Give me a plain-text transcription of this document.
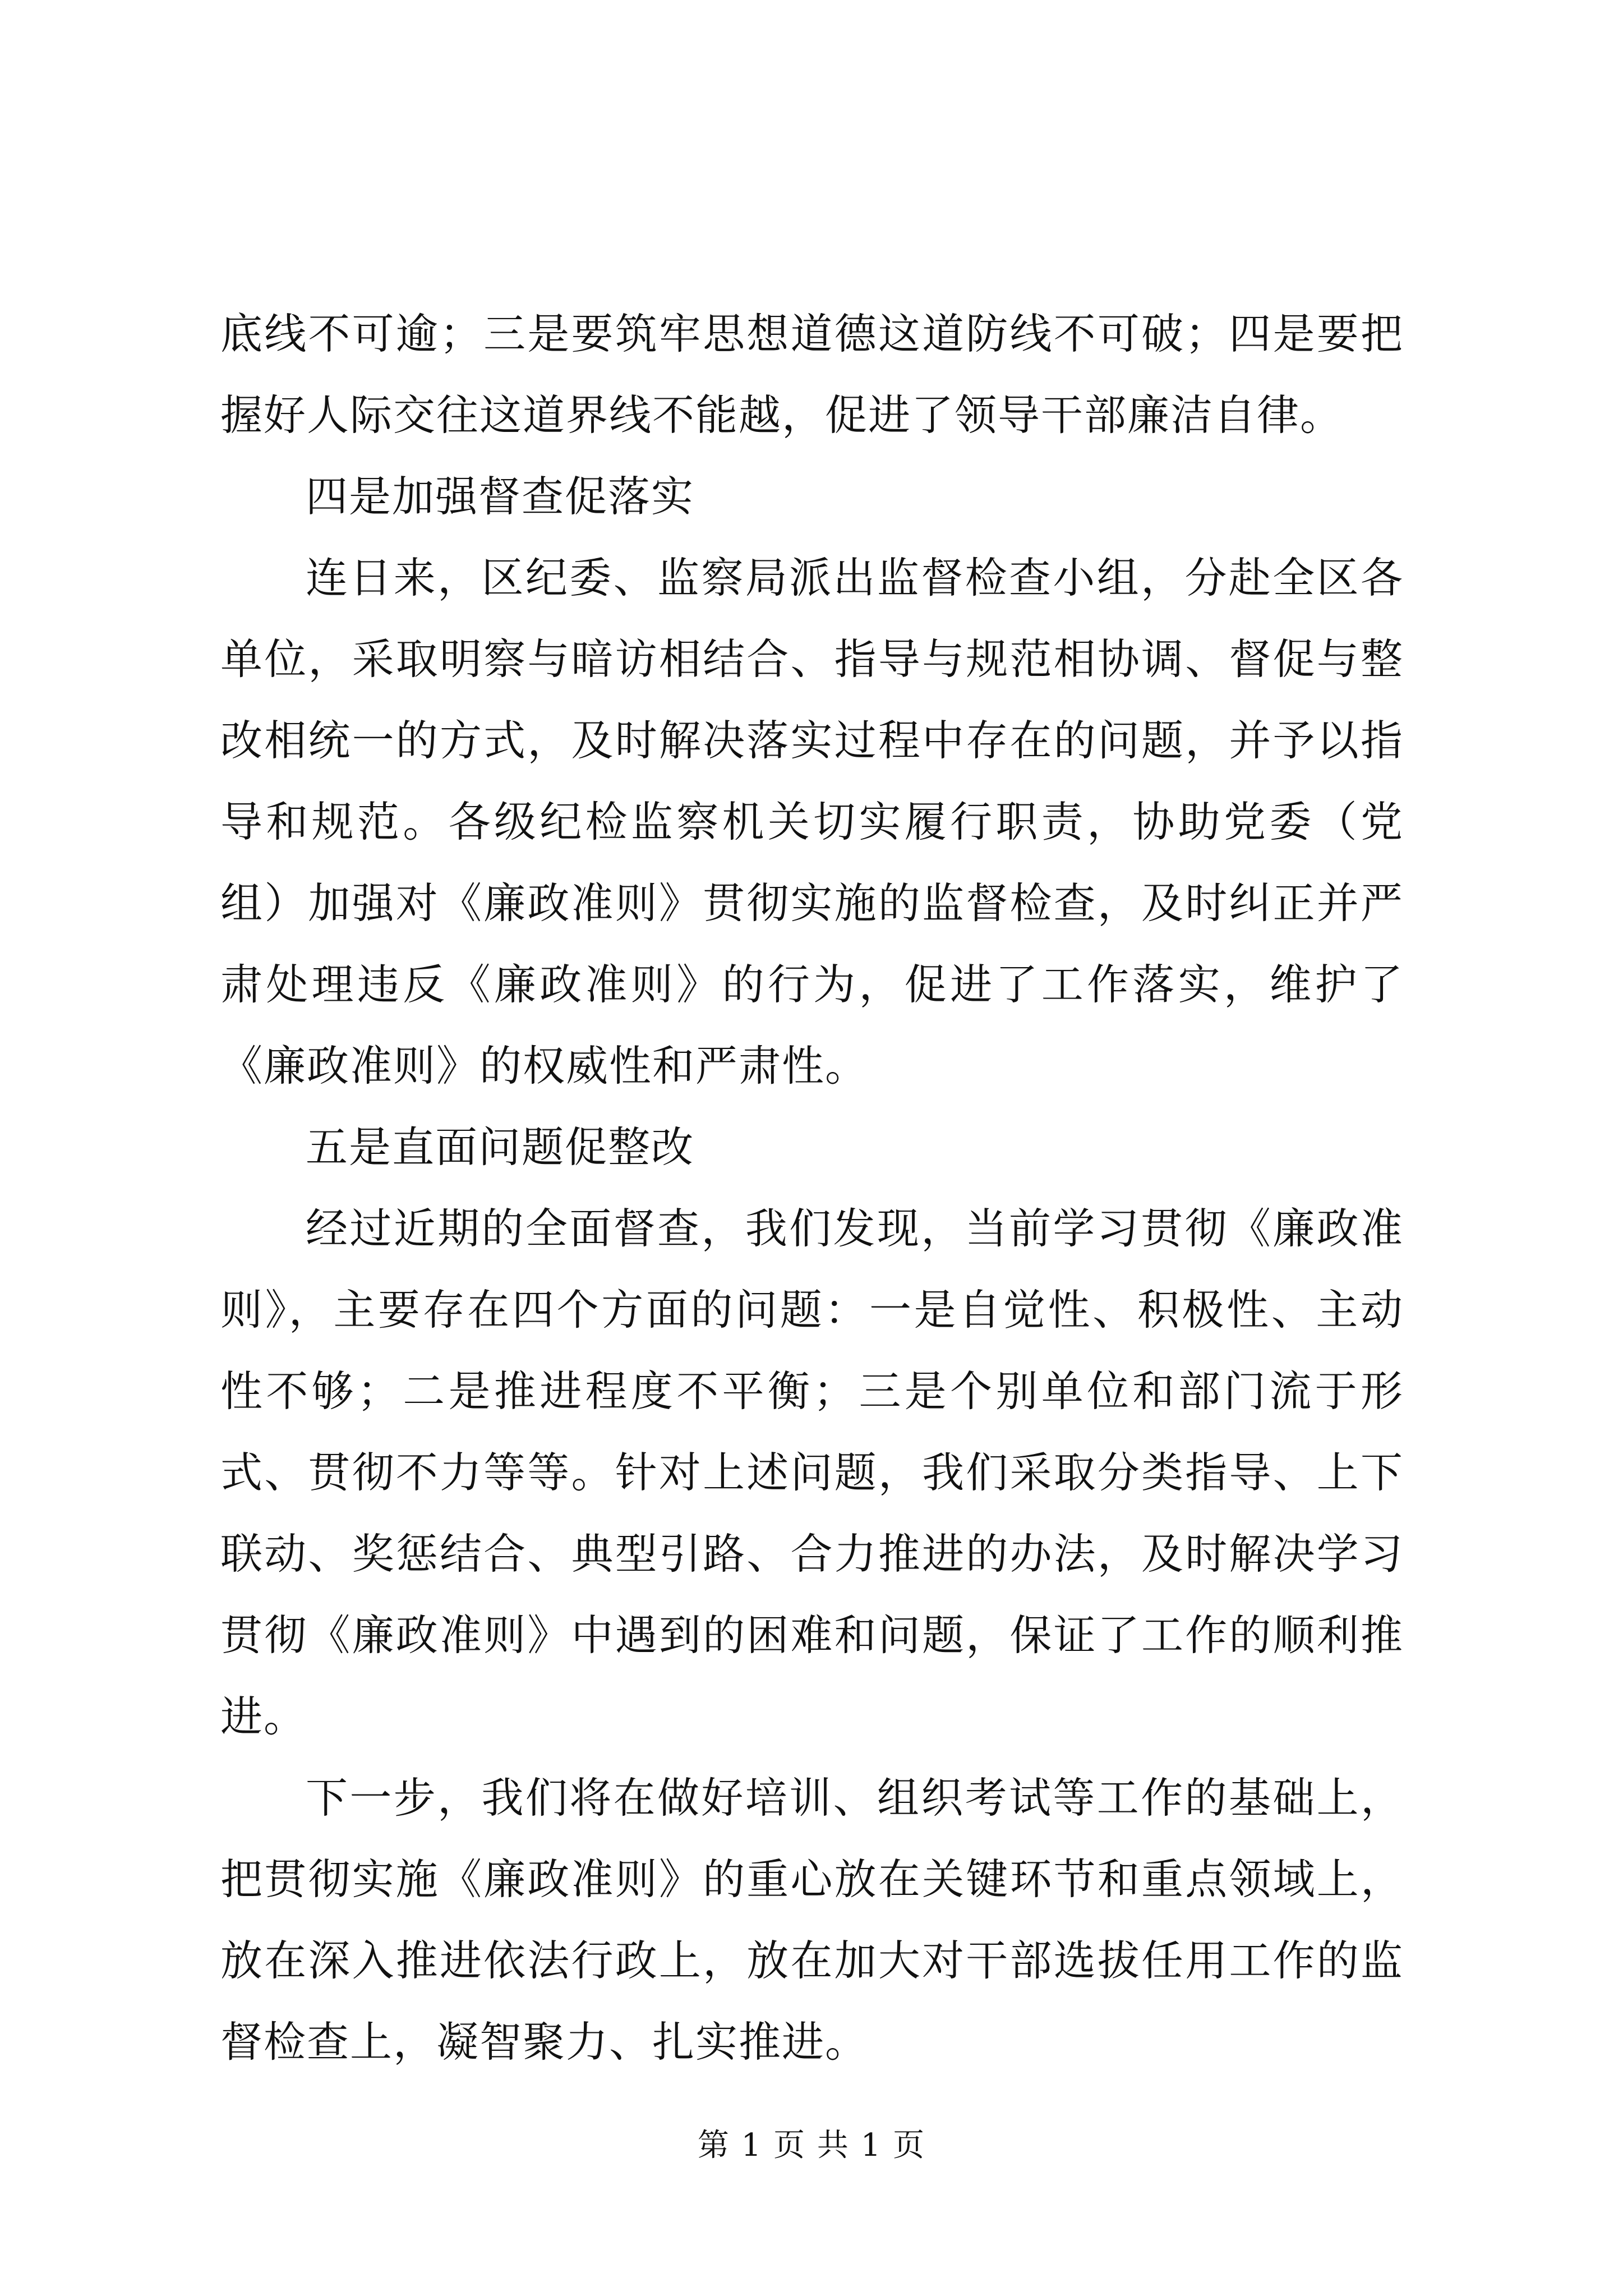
底线不可逾；三是要筑牢思想道德这道防线不可破；四是要把握好人际交往这道界线不能越，促进了领导干部廉洁自律。

四是加强督查促落实

连日来，区纪委、监察局派出监督检查小组，分赴全区各单位，采取明察与暗访相结合、指导与规范相协调、督促与整改相统一的方式，及时解决落实过程中存在的问题，并予以指导和规范。各级纪检监察机关切实履行职责，协助党委（党组）加强对《廉政准则》贯彻实施的监督检查，及时纠正并严肃处理违反《廉政准则》的行为，促进了工作落实，维护了《廉政准则》的权威性和严肃性。

五是直面问题促整改

经过近期的全面督查，我们发现，当前学习贯彻《廉政准则》，主要存在四个方面的问题：一是自觉性、积极性、主动性不够；二是推进程度不平衡；三是个别单位和部门流于形式、贯彻不力等等。针对上述问题，我们采取分类指导、上下联动、奖惩结合、典型引路、合力推进的办法，及时解决学习贯彻《廉政准则》中遇到的困难和问题，保证了工作的顺利推进。

下一步，我们将在做好培训、组织考试等工作的基础上，把贯彻实施《廉政准则》的重心放在关键环节和重点领域上，放在深入推进依法行政上，放在加大对干部选拔任用工作的监督检查上，凝智聚力、扎实推进。

第 1 页 共 1 页
